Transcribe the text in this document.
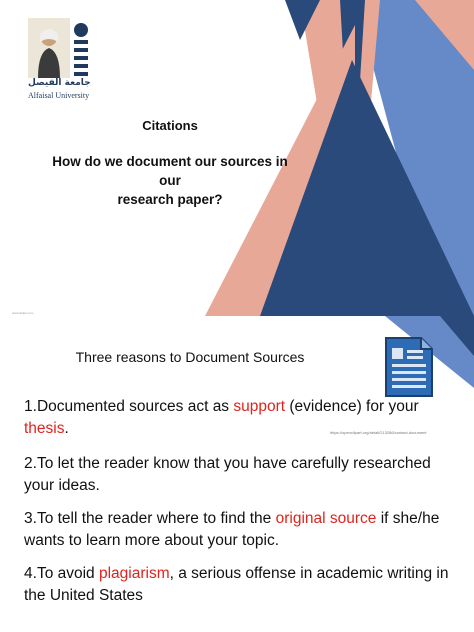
جامعة الفيصل
Alfaisal University
Citations
How do we document our sources in our
research paper?
www.slides.com
Three reasons to Document Sources
https://openclipart.org/detail/213286/contact-document
1.Documented sources act as support (evidence) for your thesis.
2.To let the reader know that you have carefully researched your ideas.
3.To tell the reader where to find the original source if she/he wants to learn more about your topic.
4.To avoid plagiarism, a serious offense in academic writing in the United States
